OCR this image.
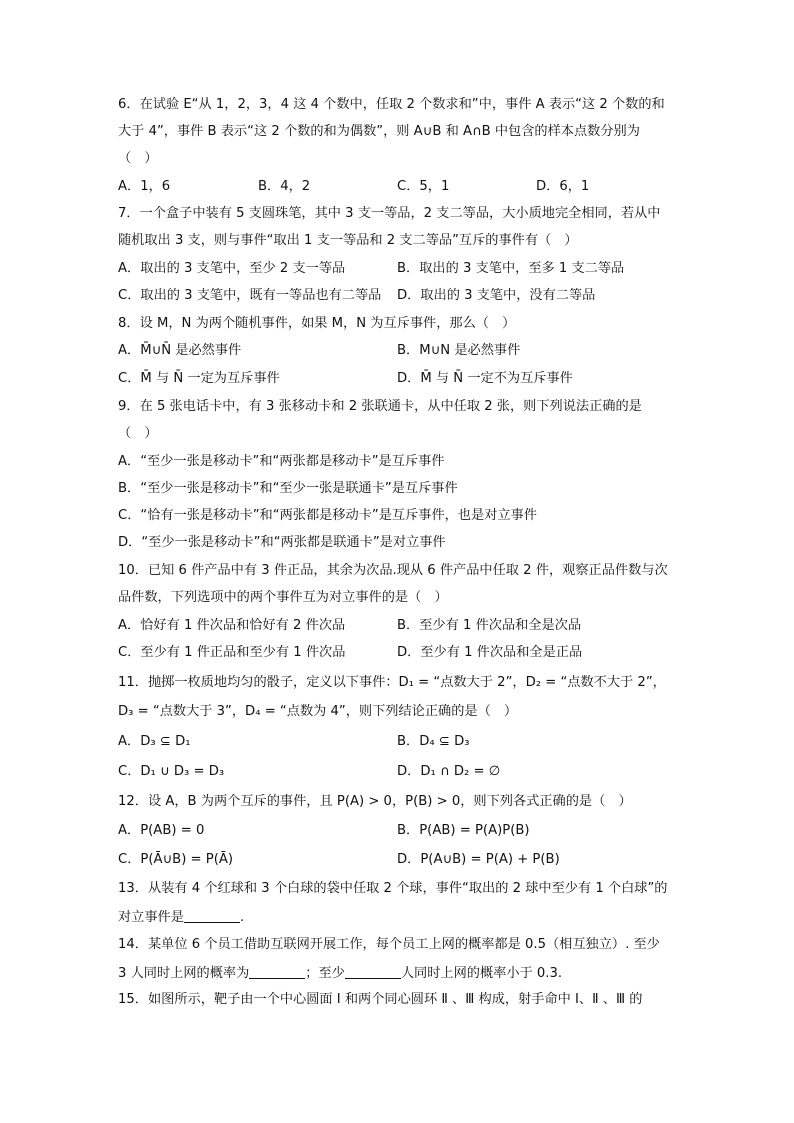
6．在试验 E“从 1，2，3，4 这 4 个数中，任取 2 个数求和”中，事件 A 表示“这 2 个数的和
大于 4”，事件 B 表示“这 2 个数的和为偶数”，则 A∪B 和 A∩B 中包含的样本点数分别为
（　）
A．1，6	B．4，2	C．5，1	D．6，1
7．一个盒子中装有 5 支圆珠笔，其中 3 支一等品，2 支二等品，大小质地完全相同，若从中
随机取出 3 支，则与事件“取出 1 支一等品和 2 支二等品”互斥的事件有（　）
A．取出的 3 支笔中，至少 2 支一等品	B．取出的 3 支笔中，至多 1 支二等品
C．取出的 3 支笔中，既有一等品也有二等品 D．取出的 3 支笔中，没有二等品
8．设 M，N 为两个随机事件，如果 M，N 为互斥事件，那么（　）
A．M̄∪N̄ 是必然事件	B．M∪N 是必然事件
C．M̄ 与 N̄ 一定为互斥事件	D．M̄ 与 N̄ 一定不为互斥事件
9．在 5 张电话卡中，有 3 张移动卡和 2 张联通卡，从中任取 2 张，则下列说法正确的是
（　）
A．“至少一张是移动卡”和“两张都是移动卡”是互斥事件
B．“至少一张是移动卡”和“至少一张是联通卡”是互斥事件
C．“恰有一张是移动卡”和“两张都是移动卡”是互斥事件，也是对立事件
D．“至少一张是移动卡”和“两张都是联通卡”是对立事件
10．已知 6 件产品中有 3 件正品，其余为次品.现从 6 件产品中任取 2 件，观察正品件数与次
品件数，下列选项中的两个事件互为对立事件的是（　）
A．恰好有 1 件次品和恰好有 2 件次品	B．至少有 1 件次品和全是次品
C．至少有 1 件正品和至少有 1 件次品	D．至少有 1 件次品和全是正品
11．抛掷一枚质地均匀的骰子，定义以下事件：D₁ = “点数大于 2”，D₂ = “点数不大于 2”，
D₃ = “点数大于 3”，D₄ = “点数为 4”，则下列结论正确的是（　）
A．D₃ ⊆ D₁	B．D₄ ⊆ D₃
C．D₁ ∪ D₃ = D₃	D．D₁ ∩ D₂ = ∅
12．设 A，B 为两个互斥的事件，且 P(A) > 0，P(B) > 0，则下列各式正确的是（　）
A．P(AB) = 0	B．P(AB) = P(A)P(B)
C．P(Ā∪B) = P(Ā)	D．P(A∪B) = P(A) + P(B)
13．从装有 4 个红球和 3 个白球的袋中任取 2 个球，事件“取出的 2 球中至少有 1 个白球”的
对立事件是	.
14．某单位 6 个员工借助互联网开展工作，每个员工上网的概率都是 0.5（相互独立）. 至少
3 人同时上网的概率为	；至少	人同时上网的概率小于 0.3.
15．如图所示，靶子由一个中心圆面 Ⅰ 和两个同心圆环 Ⅱ 、Ⅲ 构成，射手命中 Ⅰ、Ⅱ 、Ⅲ 的
